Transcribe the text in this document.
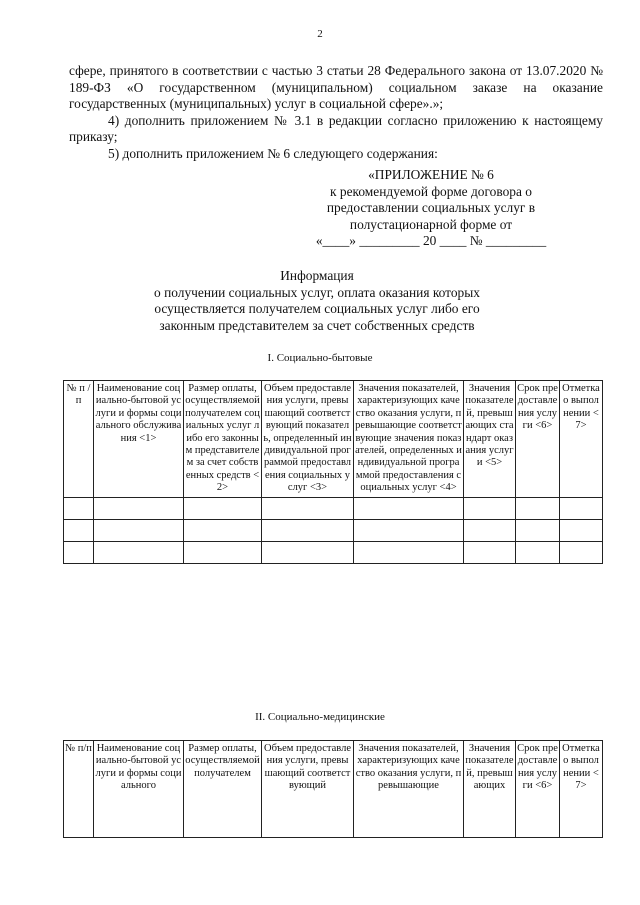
2

сфере, принятого в соответствии с частью 3 статьи 28 Федерального закона от 13.07.2020 № 189-ФЗ «О государственном (муниципальном) социальном заказе на оказание государственных (муниципальных) услуг в социальной сфере».»;

4) дополнить приложением № 3.1 в редакции согласно приложению к настоящему приказу;

5) дополнить приложением № 6 следующего содержания:

«ПРИЛОЖЕНИЕ № 6
к рекомендуемой форме договора о
предоставлении социальных услуг в
полустационарной форме от
«____» _________ 20 ____ № _________
Информация
о получении социальных услуг, оплата оказания которых
осуществляется получателем социальных услуг либо его
законным представителем за счет собственных средств
I. Социально-бытовые
№ п /п	Наименование социально-бытовой услуги и формы социального обслуживания <1>	Размер оплаты, осуществляемой получателем социальных услуг либо его законным представителем за счет собственных средств <2>	Объем предоставления услуги, превышающий соответствующий показатель, определенный индивидуальной программой предоставления социальных услуг <3>	Значения показателей, характеризующих качество оказания услуги, превышающие соответствующие значения показателей, определенных индивидуальной программой предоставления социальных услуг <4>	Значения показателей, превышающих стандарт оказания услуги <5>	Срок предоставления услуги <6>	Отметка о выполнении <7>

II. Социально-медицинские
№ п/п	Наименование социально-бытовой услуги и формы социального	Размер оплаты, осуществляемой получателем	Объем предоставления услуги, превышающий соответствующий	Значения показателей, характеризующих качество оказания услуги, превышающие	Значения показателей, превышающих	Срок предоставления услуги <6>	Отметка о выполнении <7>
